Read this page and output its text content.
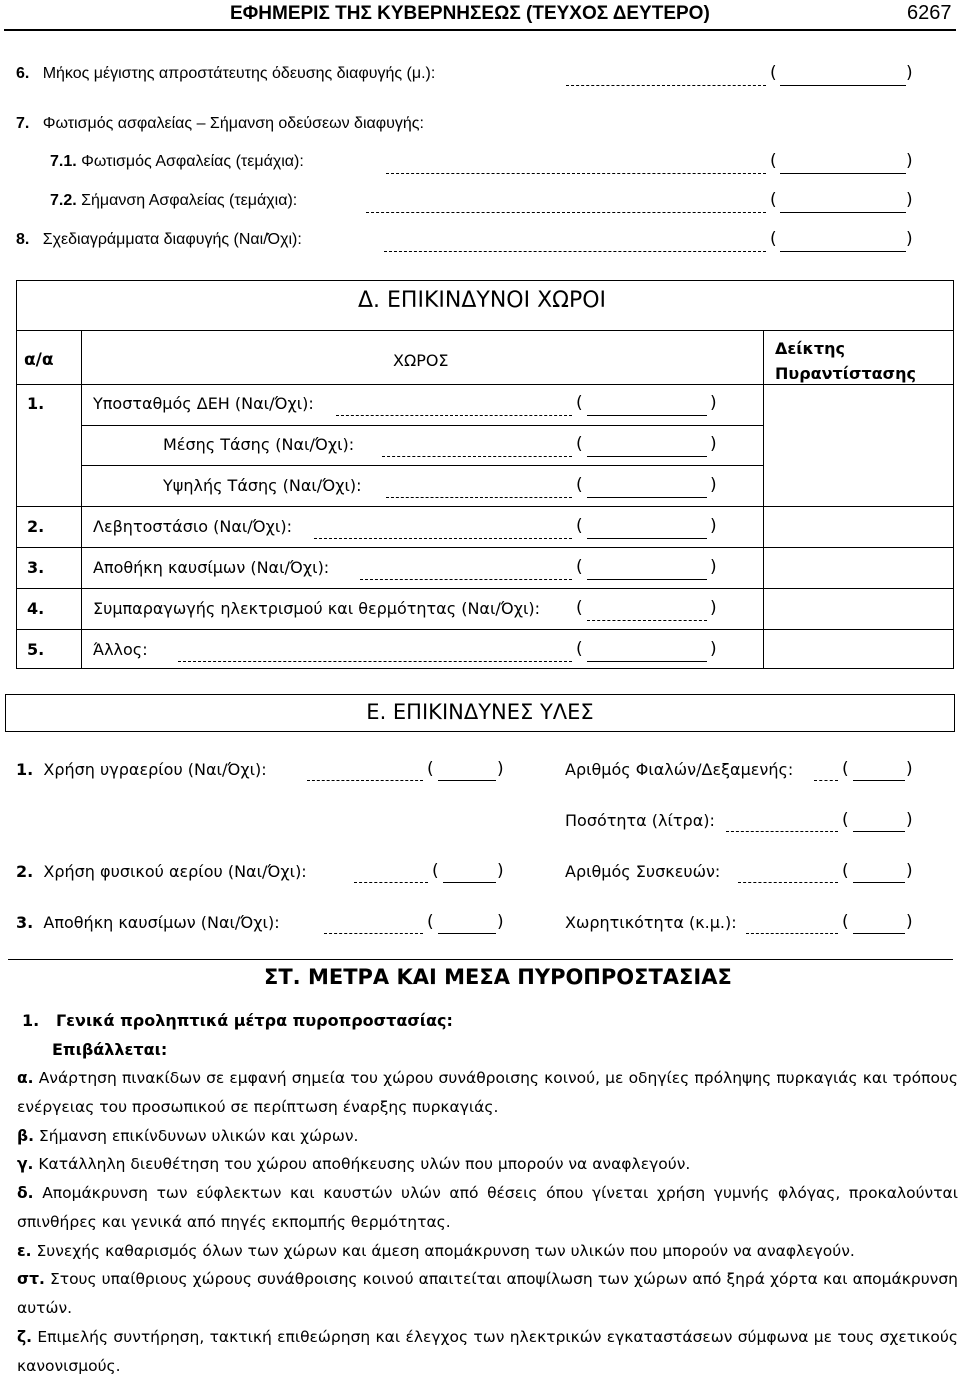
ΕΦΗΜΕΡΙΣ ΤΗΣ ΚΥΒΕΡΝΗΣΕΩΣ (ΤΕΥΧΟΣ ΔΕΥΤΕΡΟ)	6267
6. Μήκος μέγιστης απροστάτευτης όδευσης διαφυγής (μ.):	(	)
7. Φωτισμός ασφαλείας – Σήμανση οδεύσεων διαφυγής:
7.1. Φωτισμός Ασφαλείας (τεμάχια):	(	)
7.2. Σήμανση Ασφαλείας (τεμάχια):	(	)
8. Σχεδιαγράμματα διαφυγής (Ναι/Όχι):	(	)
Δ. ΕΠΙΚΙΝΔΥΝΟΙ ΧΩΡΟΙ
α/α	ΧΩΡΟΣ
Δείκτης
Πυραντίστασης
1.	Υποσταθμός ΔΕΗ (Ναι/Όχι):	(	)
Μέσης Τάσης (Ναι/Όχι):	(	)
Υψηλής Τάσης (Ναι/Όχι):	(	)
2.	Λεβητοστάσιο (Ναι/Όχι):	(	)
3.	Αποθήκη καυσίμων (Ναι/Όχι):	(	)
4.	Συμπαραγωγής ηλεκτρισμού και θερμότητας (Ναι/Όχι): (	)
5.	Άλλος:	(	)
Ε. ΕΠΙΚΙΝΔΥΝΕΣ ΥΛΕΣ
1. Χρήση υγραερίου (Ναι/Όχι):	(	)
2. Χρήση φυσικού αερίου (Ναι/Όχι):	(	)
3. Αποθήκη καυσίμων (Ναι/Όχι):	(	)
Αριθμός Φιαλών/Δεξαμενής:	(	)
Ποσότητα (λίτρα):	(	)
Αριθμός Συσκευών:	(	)
Χωρητικότητα (κ.μ.):	(	)
ΣΤ. ΜΕΤΡΑ ΚΑΙ ΜΕΣΑ ΠΥΡΟΠΡΟΣΤΑΣΙΑΣ
1. Γενικά προληπτικά μέτρα πυροπροστασίας:
Επιβάλλεται:
α. Ανάρτηση πινακίδων σε εμφανή σημεία του χώρου συνάθροισης κοινού, με οδηγίες πρόληψης πυρκαγιάς και τρόπους ενέργειας του προσωπικού σε περίπτωση έναρξης πυρκαγιάς.
β. Σήμανση επικίνδυνων υλικών και χώρων.
γ. Κατάλληλη διευθέτηση του χώρου αποθήκευσης υλών που μπορούν να αναφλεγούν.
δ. Απομάκρυνση των εύφλεκτων και καυστών υλών από θέσεις όπου γίνεται χρήση γυμνής φλόγας, προκαλούνται σπινθήρες και γενικά από πηγές εκπομπής θερμότητας.
ε. Συνεχής καθαρισμός όλων των χώρων και άμεση απομάκρυνση των υλικών που μπορούν να αναφλεγούν.
στ. Στους υπαίθριους χώρους συνάθροισης κοινού απαιτείται αποψίλωση των χώρων από ξηρά χόρτα και απομάκρυνση αυτών.
ζ. Επιμελής συντήρηση, τακτική επιθεώρηση και έλεγχος των ηλεκτρικών εγκαταστάσεων σύμφωνα με τους σχετικούς κανονισμούς.
